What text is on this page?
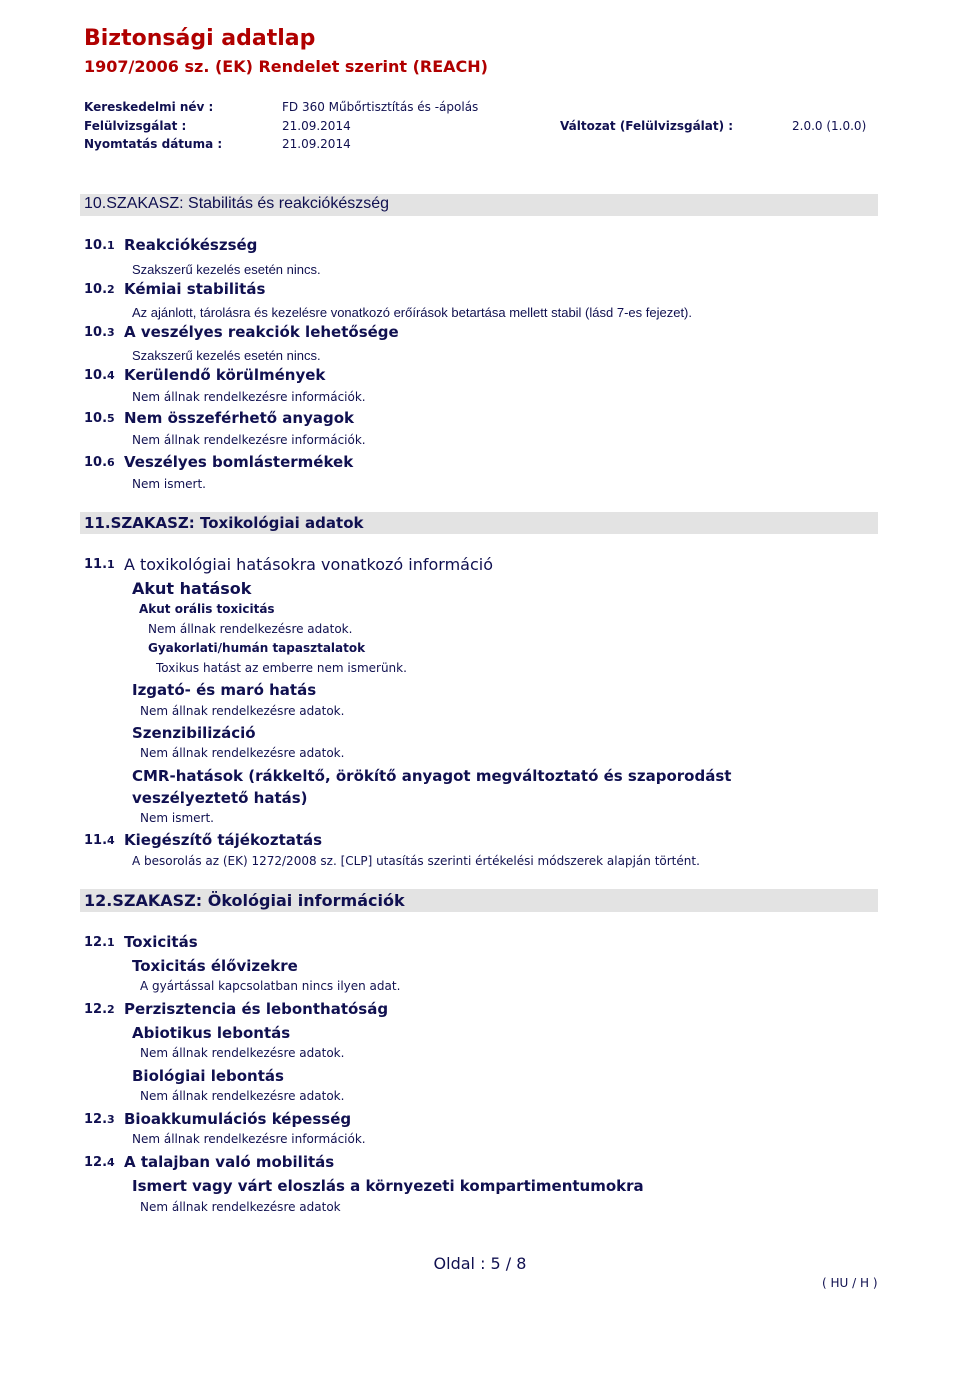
Biztonsági adatlap
1907/2006 sz. (EK) Rendelet szerint (REACH)
Kereskedelmi név :	FD 360 Műbőrtisztítás és -ápolás
Felülvizsgálat :	21.09.2014	Változat (Felülvizsgálat) :	2.0.0 (1.0.0)
Nyomtatás dátuma :	21.09.2014
10.SZAKASZ: Stabilitás és reakciókészség
10.1 Reakciókészség
Szakszerű kezelés esetén nincs.
10.2 Kémiai stabilitás
Az ajánlott, tárolásra és kezelésre vonatkozó erőírások betartása mellett stabil (lásd 7-es fejezet).
10.3 A veszélyes reakciók lehetősége
Szakszerű kezelés esetén nincs.
10.4 Kerülendő körülmények
Nem állnak rendelkezésre információk.
10.5 Nem összeférhető anyagok
Nem állnak rendelkezésre információk.
10.6 Veszélyes bomlástermékek
Nem ismert.
11.SZAKASZ: Toxikológiai adatok
11.1 A toxikológiai hatásokra vonatkozó információ
Akut hatások
Akut orális toxicitás
Nem állnak rendelkezésre adatok.
Gyakorlati/humán tapasztalatok
Toxikus hatást az emberre nem ismerünk.
Izgató- és maró hatás
Nem állnak rendelkezésre adatok.
Szenzibilizáció
Nem állnak rendelkezésre adatok.
CMR-hatások (rákkeltő, örökítő anyagot megváltoztató és szaporodást
veszélyeztető hatás)
Nem ismert.
11.4 Kiegészítő tájékoztatás
A besorolás az (EK) 1272/2008 sz. [CLP] utasítás szerinti értékelési módszerek alapján történt.
12.SZAKASZ: Ökológiai információk
12.1 Toxicitás
Toxicitás élővizekre
A gyártással kapcsolatban nincs ilyen adat.
12.2 Perzisztencia és lebonthatóság
Abiotikus lebontás
Nem állnak rendelkezésre adatok.
Biológiai lebontás
Nem állnak rendelkezésre adatok.
12.3 Bioakkumulációs képesség
Nem állnak rendelkezésre információk.
12.4 A talajban való mobilitás
Ismert vagy várt eloszlás a környezeti kompartimentumokra
Nem állnak rendelkezésre adatok
Oldal : 5 / 8
( HU / H )
